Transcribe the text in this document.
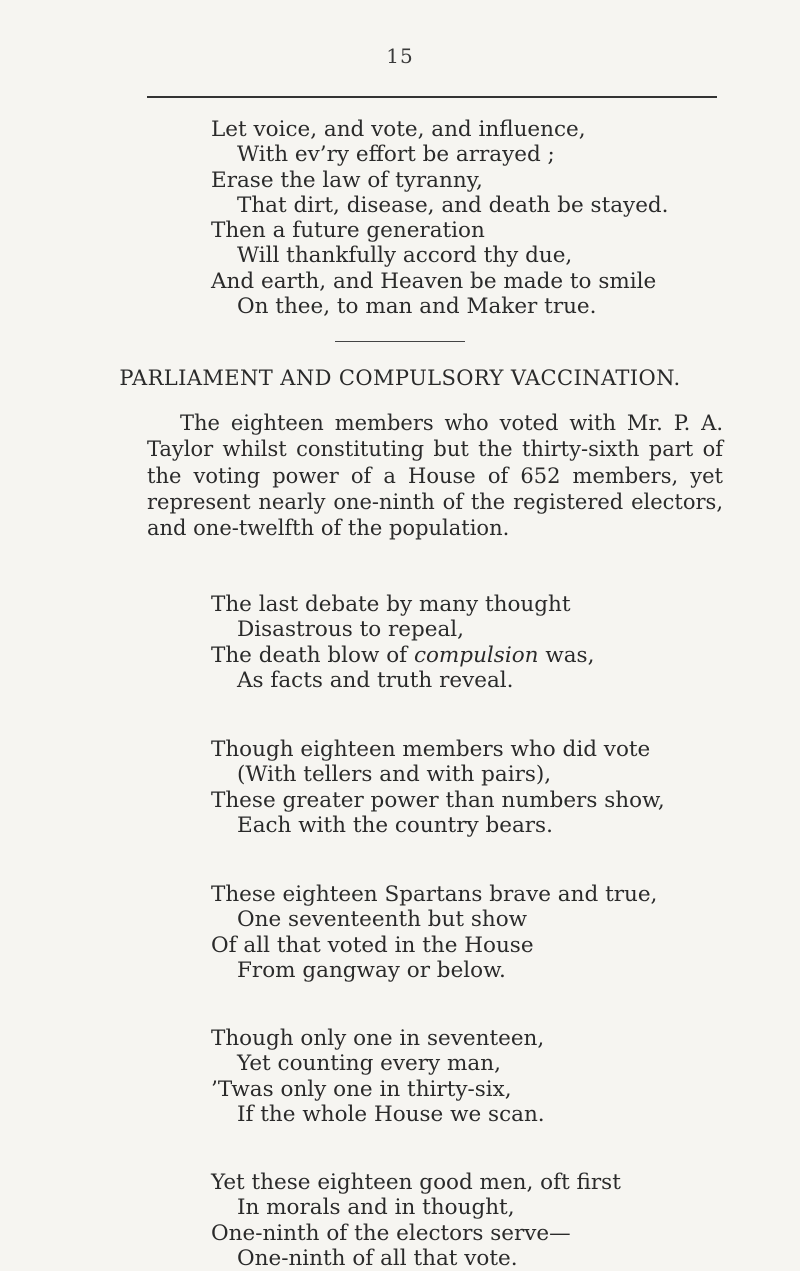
15
Let voice, and vote, and influence,
With ev’ry effort be arrayed ;
Erase the law of tyranny,
That dirt, disease, and death be stayed.
Then a future generation
Will thankfully accord thy due,
And earth, and Heaven be made to smile
On thee, to man and Maker true.
PARLIAMENT AND COMPULSORY VACCINATION.
The eighteen members who voted with Mr. P. A. Taylor whilst constituting but the thirty-sixth part of the voting power of a House of 652 members, yet represent nearly one-ninth of the registered electors, and one-twelfth of the population.
The last debate by many thought
Disastrous to repeal,
The death blow of compulsion was,
As facts and truth reveal.
Though eighteen members who did vote
(With tellers and with pairs),
These greater power than numbers show,
Each with the country bears.
These eighteen Spartans brave and true,
One seventeenth but show
Of all that voted in the House
From gangway or below.
Though only one in seventeen,
Yet counting every man,
’Twas only one in thirty-six,
If the whole House we scan.
Yet these eighteen good men, oft first
In morals and in thought,
One-ninth of the electors serve—
One-ninth of all that vote.
